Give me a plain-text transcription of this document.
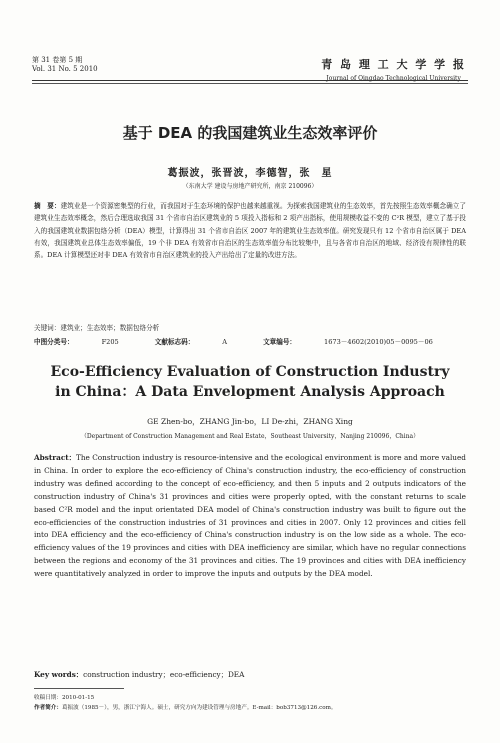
第 31 卷第 5 期
Vol. 31 No. 5 2010	青 岛 理 工 大 学 学 报
Journal of Qingdao Technological University
基于 DEA 的我国建筑业生态效率评价
葛振波，张晋波，李德智，张　星
（东南大学 建设与房地产研究所，南京 210096）
摘　要：建筑业是一个资源密集型的行业，而我国对于生态环境的保护也越来越重视。为探索我国建筑业的生态效率，首先按照生态效率概念确立了建筑业生态效率概念，然后合理选取我国 31 个省市自治区建筑业的 5 项投入指标和 2 项产出指标，使用规模收益不变的 C²R 模型，建立了基于投入的我国建筑业数据包络分析（DEA）模型，计算得出 31 个省市自治区 2007 年的建筑业生态效率值。研究发现只有 12 个省市自治区属于 DEA 有效，我国建筑业总体生态效率偏低，19 个非 DEA 有效省市自治区的生态效率值分布比较集中，且与各省市自治区的地域、经济没有规律性的联系。DEA 计算模型还对非 DEA 有效省市自治区建筑业的投入产出给出了定量的改进方法。
关键词：建筑业；生态效率；数据包络分析
中图分类号：	F205	文献标志码：	A	文章编号：	1673－4602(2010)05－0095－06
Eco-Efficiency Evaluation of Construction Industry
in China：A Data Envelopment Analysis Approach
GE Zhen-bo，ZHANG Jin-bo，LI De-zhi，ZHANG Xing
（Department of Construction Management and Real Estate，Southeast University，Nanjing 210096，China）
Abstract：The Construction industry is resource-intensive and the ecological environment is more and more valued in China. In order to explore the eco-efficiency of China's construction industry, the eco-efficiency of construction industry was defined according to the concept of eco-efficiency, and then 5 inputs and 2 outputs indicators of the construction industry of China's 31 provinces and cities were properly opted, with the constant returns to scale based C²R model and the input orientated DEA model of China's construction industry was built to figure out the eco-efficiencies of the construction industries of 31 provinces and cities in 2007. Only 12 provinces and cities fell into DEA efficiency and the eco-efficiency of China's construction industry is on the low side as a whole. The eco-efficiency values of the 19 provinces and cities with DEA inefficiency are similar, which have no regular connections between the regions and economy of the 31 provinces and cities. The 19 provinces and cities with DEA inefficiency were quantitatively analyzed in order to improve the inputs and outputs by the DEA model.
Key words：construction industry；eco-efficiency；DEA
收稿日期：2010-01-15
作者简介：葛振波（1985－），男，浙江宁海人。硕士，研究方向为建设管理与房地产。E-mail：bob3713@126.com。
